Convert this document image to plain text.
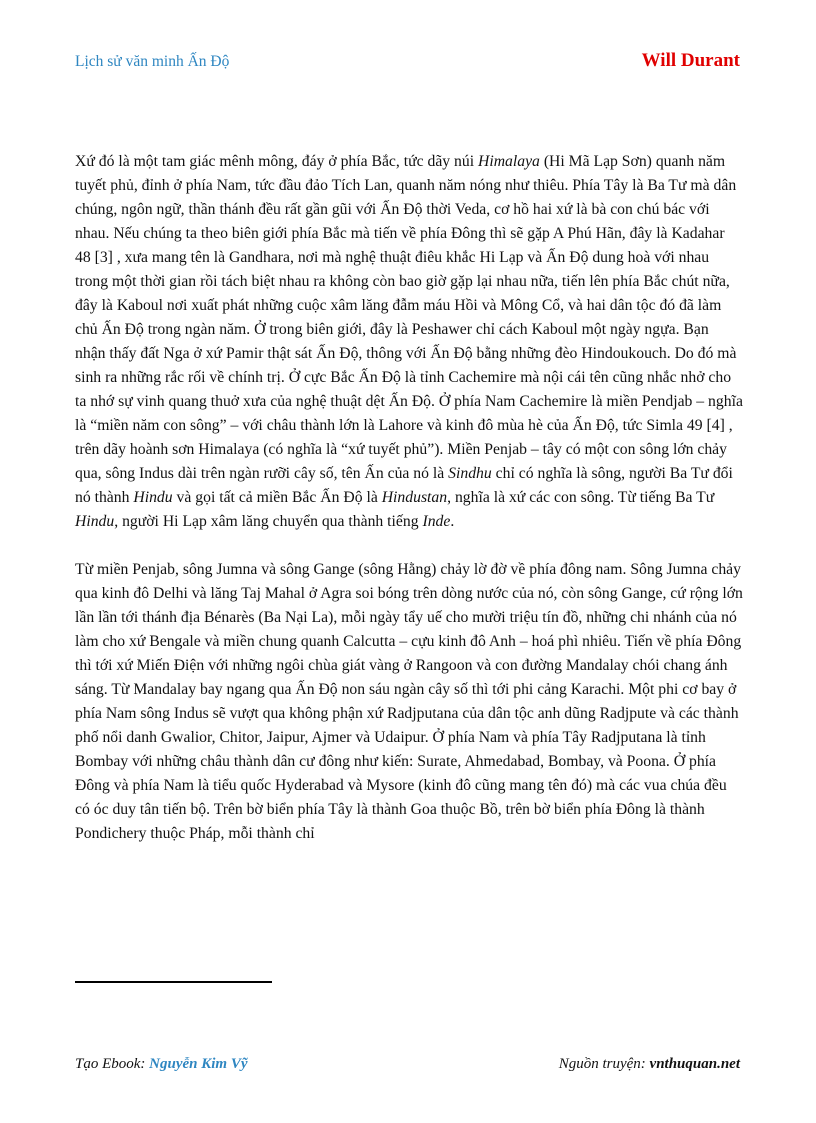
Lịch sử văn minh Ấn Độ	Will Durant

Xứ đó là một tam giác mênh mông, đáy ở phía Bắc, tức dãy núi Himalaya (Hi Mã Lạp Sơn) quanh năm tuyết phủ, đỉnh ở phía Nam, tức đầu đảo Tích Lan, quanh năm nóng như thiêu. Phía Tây là Ba Tư mà dân chúng, ngôn ngữ, thần thánh đều rất gần gũi với Ấn Độ thời Veda, cơ hồ hai xứ là bà con chú bác với nhau. Nếu chúng ta theo biên giới phía Bắc mà tiến về phía Đông thì sẽ gặp A Phú Hãn, đây là Kadahar 48 [3] , xưa mang tên là Gandhara, nơi mà nghệ thuật điêu khắc Hi Lạp và Ấn Độ dung hoà với nhau trong một thời gian rồi tách biệt nhau ra không còn bao giờ gặp lại nhau nữa, tiến lên phía Bắc chút nữa, đây là Kaboul nơi xuất phát những cuộc xâm lăng đẫm máu Hồi và Mông Cổ, và hai dân tộc đó đã làm chủ Ấn Độ trong ngàn năm. Ở trong biên giới, đây là Peshawer chỉ cách Kaboul một ngày ngựa. Bạn nhận thấy đất Nga ở xứ Pamir thật sát Ấn Độ, thông với Ấn Độ bằng những đèo Hindoukouch. Do đó mà sinh ra những rắc rối về chính trị. Ở cực Bắc Ấn Độ là tỉnh Cachemire mà nội cái tên cũng nhắc nhở cho ta nhớ sự vinh quang thuở xưa của nghệ thuật dệt Ấn Độ. Ở phía Nam Cachemire là miền Pendjab – nghĩa là “miền năm con sông” – với châu thành lớn là Lahore và kinh đô mùa hè của Ấn Độ, tức Simla 49 [4] , trên dãy hoành sơn Himalaya (có nghĩa là “xứ tuyết phủ”). Miền Penjab – tây có một con sông lớn chảy qua, sông Indus dài trên ngàn rưỡi cây số, tên Ấn của nó là Sindhu chỉ có nghĩa là sông, người Ba Tư đổi nó thành Hindu và gọi tất cả miền Bắc Ấn Độ là Hindustan, nghĩa là xứ các con sông. Từ tiếng Ba Tư Hindu, người Hi Lạp xâm lăng chuyển qua thành tiếng Inde.

Từ miền Penjab, sông Jumna và sông Gange (sông Hằng) chảy lờ đờ về phía đông nam. Sông Jumna chảy qua kinh đô Delhi và lăng Taj Mahal ở Agra soi bóng trên dòng nước của nó, còn sông Gange, cứ rộng lớn lần lần tới thánh địa Bénarès (Ba Nại La), mỗi ngày tẩy uế cho mười triệu tín đồ, những chi nhánh của nó làm cho xứ Bengale và miền chung quanh Calcutta – cựu kinh đô Anh – hoá phì nhiêu. Tiến về phía Đông thì tới xứ Miến Điện với những ngôi chùa giát vàng ở Rangoon và con đường Mandalay chói chang ánh sáng. Từ Mandalay bay ngang qua Ấn Độ non sáu ngàn cây số thì tới phi cảng Karachi. Một phi cơ bay ở phía Nam sông Indus sẽ vượt qua không phận xứ Radjputana của dân tộc anh dũng Radjpute và các thành phố nổi danh Gwalior, Chitor, Jaipur, Ajmer và Udaipur. Ở phía Nam và phía Tây Radjputana là tỉnh Bombay với những châu thành dân cư đông như kiến: Surate, Ahmedabad, Bombay, và Poona. Ở phía Đông và phía Nam là tiểu quốc Hyderabad và Mysore (kinh đô cũng mang tên đó) mà các vua chúa đều có óc duy tân tiến bộ. Trên bờ biển phía Tây là thành Goa thuộc Bồ, trên bờ biển phía Đông là thành Pondichery thuộc Pháp, mỗi thành chỉ

Tạo Ebook: Nguyễn Kim Vỹ	Nguồn truyện: vnthuquan.net
